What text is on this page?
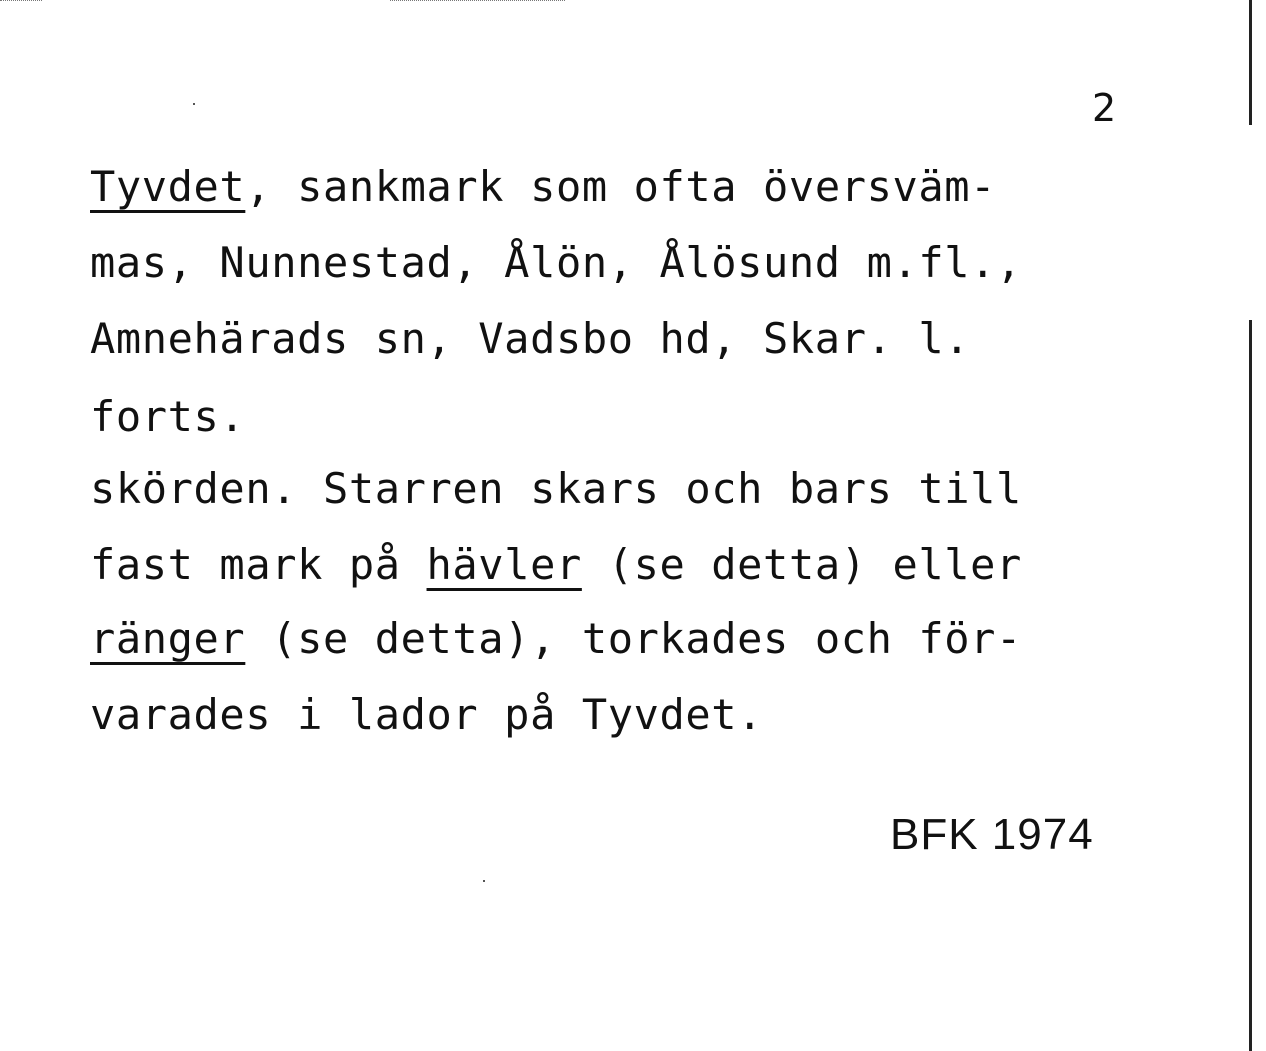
2
Tyvdet, sankmark som ofta översväm-
mas, Nunnestad, Ålön, Ålösund m.fl.,
Amnehärads sn, Vadsbo hd, Skar. l.
forts.
skörden. Starren skars och bars till
fast mark på hävler (se detta) eller
ränger (se detta), torkades och för-
varades i lador på Tyvdet.
BFK 1974
